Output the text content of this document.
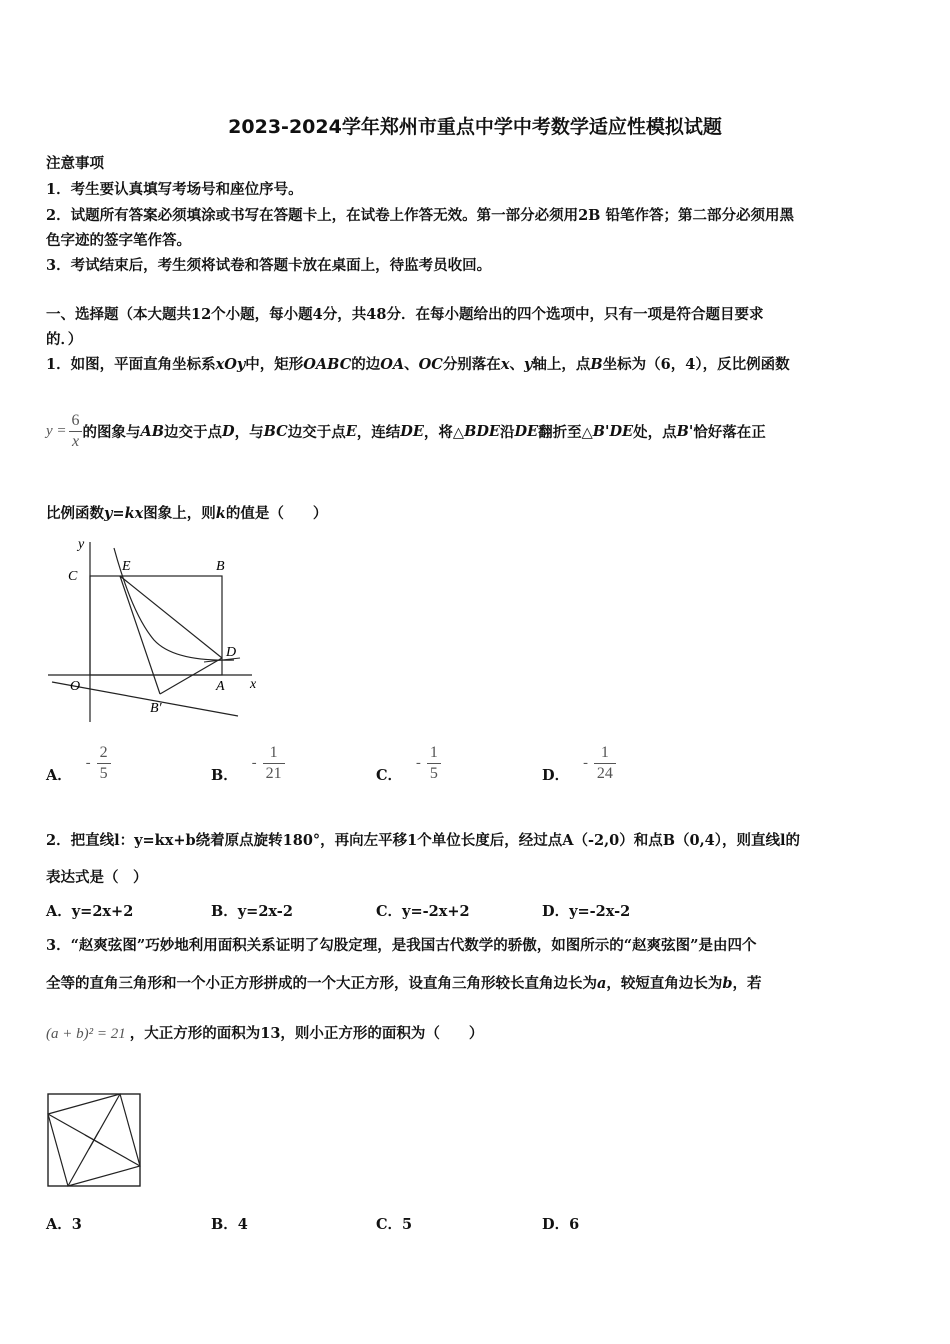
2023-2024学年郑州市重点中学中考数学适应性模拟试题
注意事项
1．考生要认真填写考场号和座位序号。
2．试题所有答案必须填涂或书写在答题卡上，在试卷上作答无效。第一部分必须用2B 铅笔作答；第二部分必须用黑
色字迹的签字笔作答。
3．考试结束后，考生须将试卷和答题卡放在桌面上，待监考员收回。
一、选择题（本大题共12个小题，每小题4分，共48分．在每小题给出的四个选项中，只有一项是符合题目要求
的．）
1．如图，平面直角坐标系xOy中，矩形OABC的边OA、OC分别落在x、y轴上，点B坐标为（6，4），反比例函数
$y = \frac{6}{x}$ 的图象与 AB 边交于点 D ，与 BC 边交于点 E ，连结 DE ，将△ BDE 沿 DE 翻折至△ B'DE 处，点 B' 恰好落在正
比例函数y=kx图象上，则k的值是（　　）
y
x
C
E	B
D
O	A
B′
A．
- $\frac{2}{5}$	B．
- $\frac{1}{21}$	C．
- $\frac{1}{5}$	D．
- $\frac{1}{24}$
2．把直线l：y=kx+b绕着原点旋转180°，再向左平移1个单位长度后，经过点A（-2,0）和点B（0,4），则直线l的
表达式是（　）
A．y=2x+2	B．y=2x-2	C．y=-2x+2	D．y=-2x-2
3．“赵爽弦图”巧妙地利用面积关系证明了勾股定理，是我国古代数学的骄傲，如图所示的“赵爽弦图”是由四个
全等的直角三角形和一个小正方形拼成的一个大正方形，设直角三角形较长直角边长为a，较短直角边长为b，若
(a + b)² = 21 ，大正方形的面积为13，则小正方形的面积为（　　）
A．3	B．4	C．5	D．6
